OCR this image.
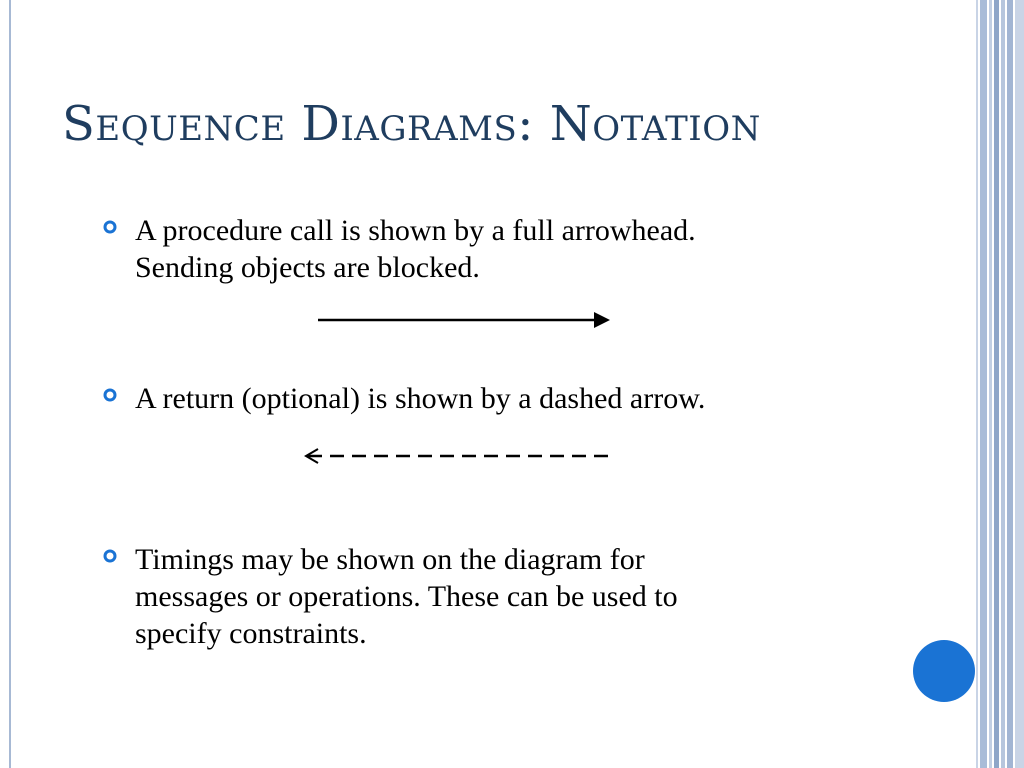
Sequence Diagrams: Notation

A procedure call is shown by a full arrowhead.
Sending objects are blocked.

A return (optional) is shown by a dashed arrow.

Timings may be shown on the diagram for
messages or operations. These can be used to
specify constraints.
